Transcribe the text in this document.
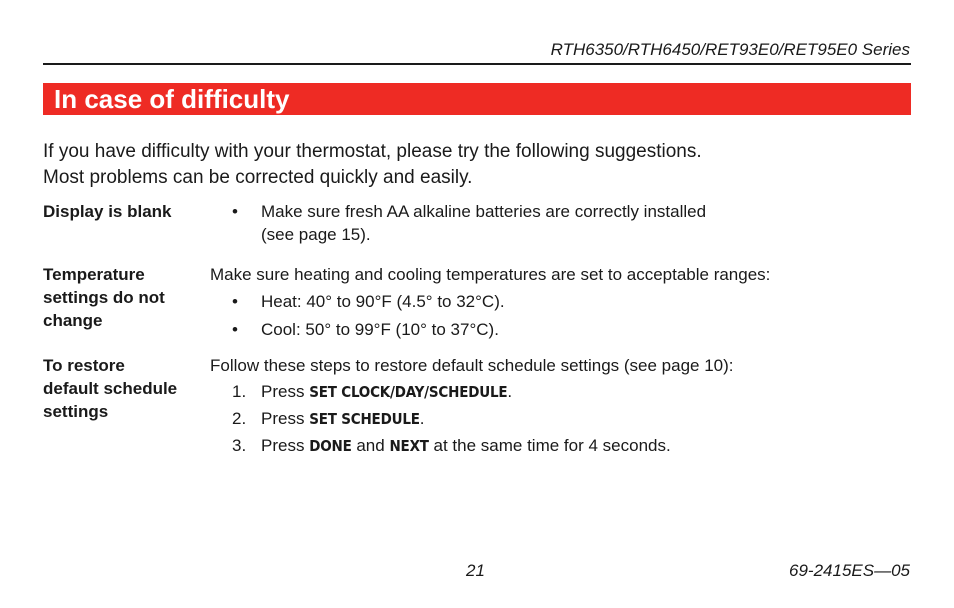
RTH6350/RTH6450/RET93E0/RET95E0 Series
In case of difficulty
If you have difficulty with your thermostat, please try the following suggestions.
Most problems can be corrected quickly and easily.
Display is blank	• Make sure fresh AA alkaline batteries are correctly installed
(see page 15).
Temperature
settings do not
change
Make sure heating and cooling temperatures are set to acceptable ranges:
• Heat: 40° to 90°F (4.5° to 32°C).
• Cool: 50° to 99°F (10° to 37°C).
To restore
default schedule
settings
Follow these steps to restore default schedule settings (see page 10):
1. Press SET CLOCK/DAY/SCHEDULE.
2. Press SET SCHEDULE.
3. Press DONE and NEXT at the same time for 4 seconds.
21	69-2415ES—05
